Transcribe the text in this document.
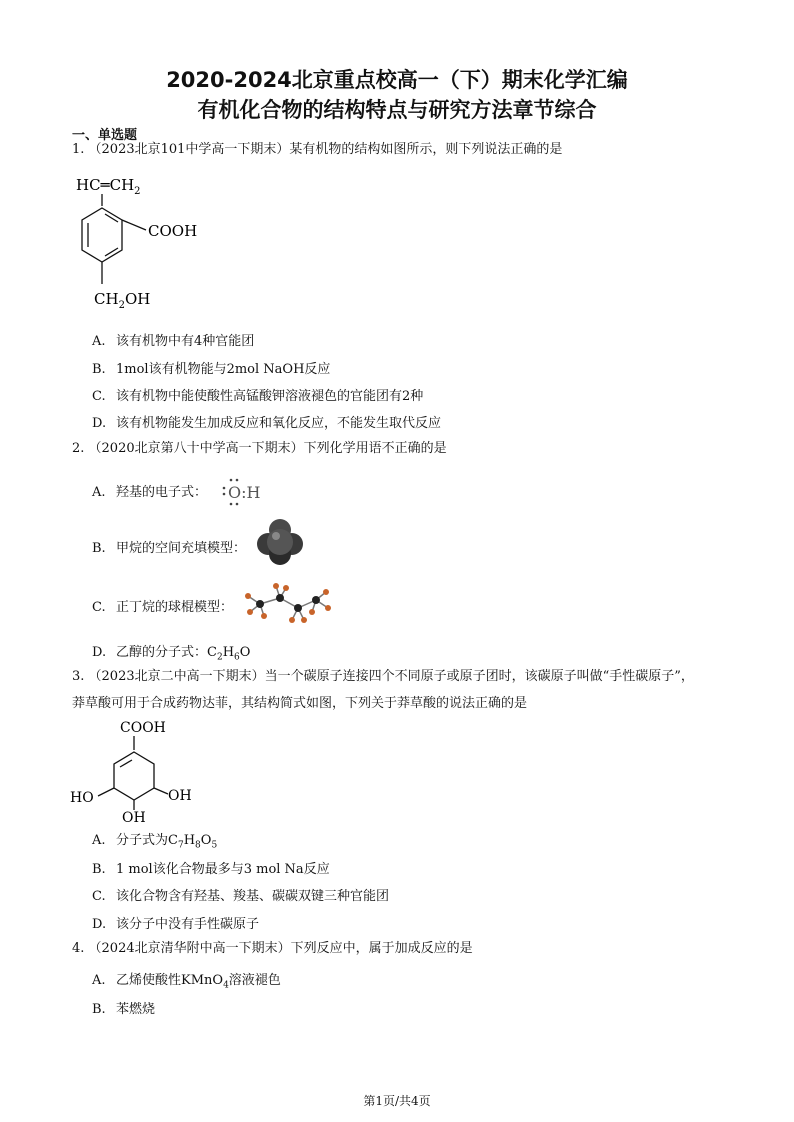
2020-2024北京重点校高一（下）期末化学汇编
有机化合物的结构特点与研究方法章节综合
一、单选题
1. （2023北京101中学高一下期末）某有机物的结构如图所示，则下列说法正确的是
$HC═CH_2$
COOH
$CH_2OH$
A. 该有机物中有4种官能团
B. 1mol该有机物能与2mol NaOH反应
C. 该有机物中能使酸性高锰酸钾溶液褪色的官能团有2种
D. 该有机物能发生加成反应和氧化反应，不能发生取代反应
2. （2020北京第八十中学高一下期末）下列化学用语不正确的是
A. 羟基的电子式： O:H
B. 甲烷的空间充填模型：
C. 正丁烷的球棍模型：
D. 乙醇的分子式：$C_2H_6O$
3. （2023北京二中高一下期末）当一个碳原子连接四个不同原子或原子团时，该碳原子叫做“手性碳原子”，
莽草酸可用于合成药物达菲，其结构简式如图，下列关于莽草酸的说法正确的是
COOH
HO	OH
OH
A. 分子式为$C_7H_8O_5$
B. 1 mol该化合物最多与3 mol Na反应
C. 该化合物含有羟基、羧基、碳碳双键三种官能团
D. 该分子中没有手性碳原子
4. （2024北京清华附中高一下期末）下列反应中，属于加成反应的是
A. 乙烯使酸性KMnO$_4$溶液褪色
B. 苯燃烧
第1页/共4页
